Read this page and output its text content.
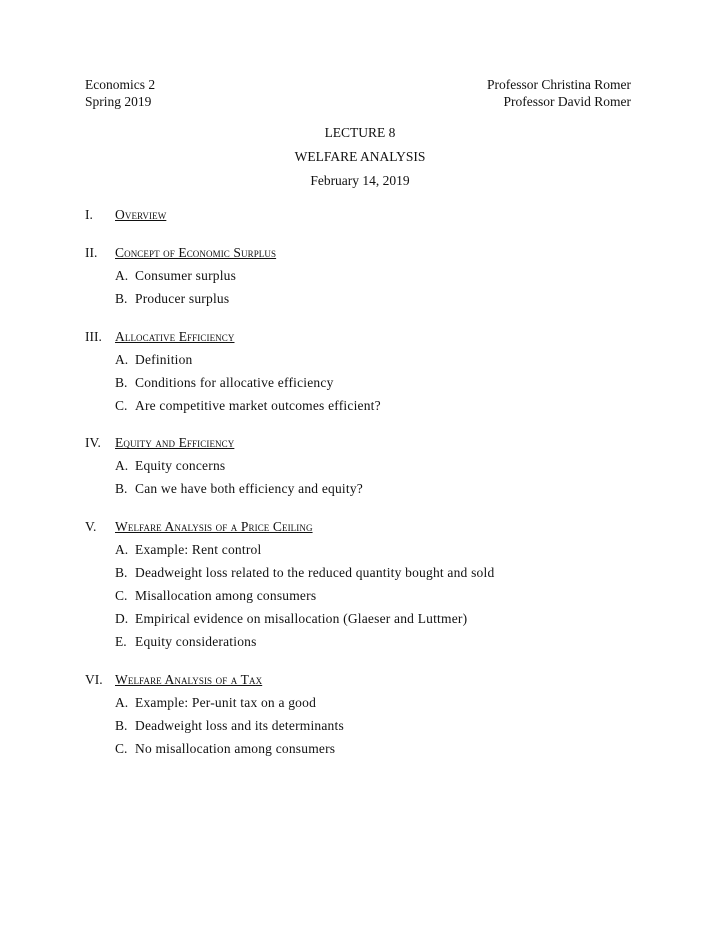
Economics 2	Professor Christina Romer
Spring 2019	Professor David Romer
LECTURE 8
WELFARE ANALYSIS
February 14, 2019
I.	Overview
II.	Concept of Economic Surplus
A. Consumer surplus
B. Producer surplus
III. Allocative Efficiency
A. Definition
B. Conditions for allocative efficiency
C. Are competitive market outcomes efficient?
IV.	Equity and Efficiency
A. Equity concerns
B. Can we have both efficiency and equity?
V.	Welfare Analysis of a Price Ceiling
A. Example: Rent control
B. Deadweight loss related to the reduced quantity bought and sold
C. Misallocation among consumers
D. Empirical evidence on misallocation (Glaeser and Luttmer)
E. Equity considerations
VI. Welfare Analysis of a Tax
A. Example: Per-unit tax on a good
B. Deadweight loss and its determinants
C. No misallocation among consumers
